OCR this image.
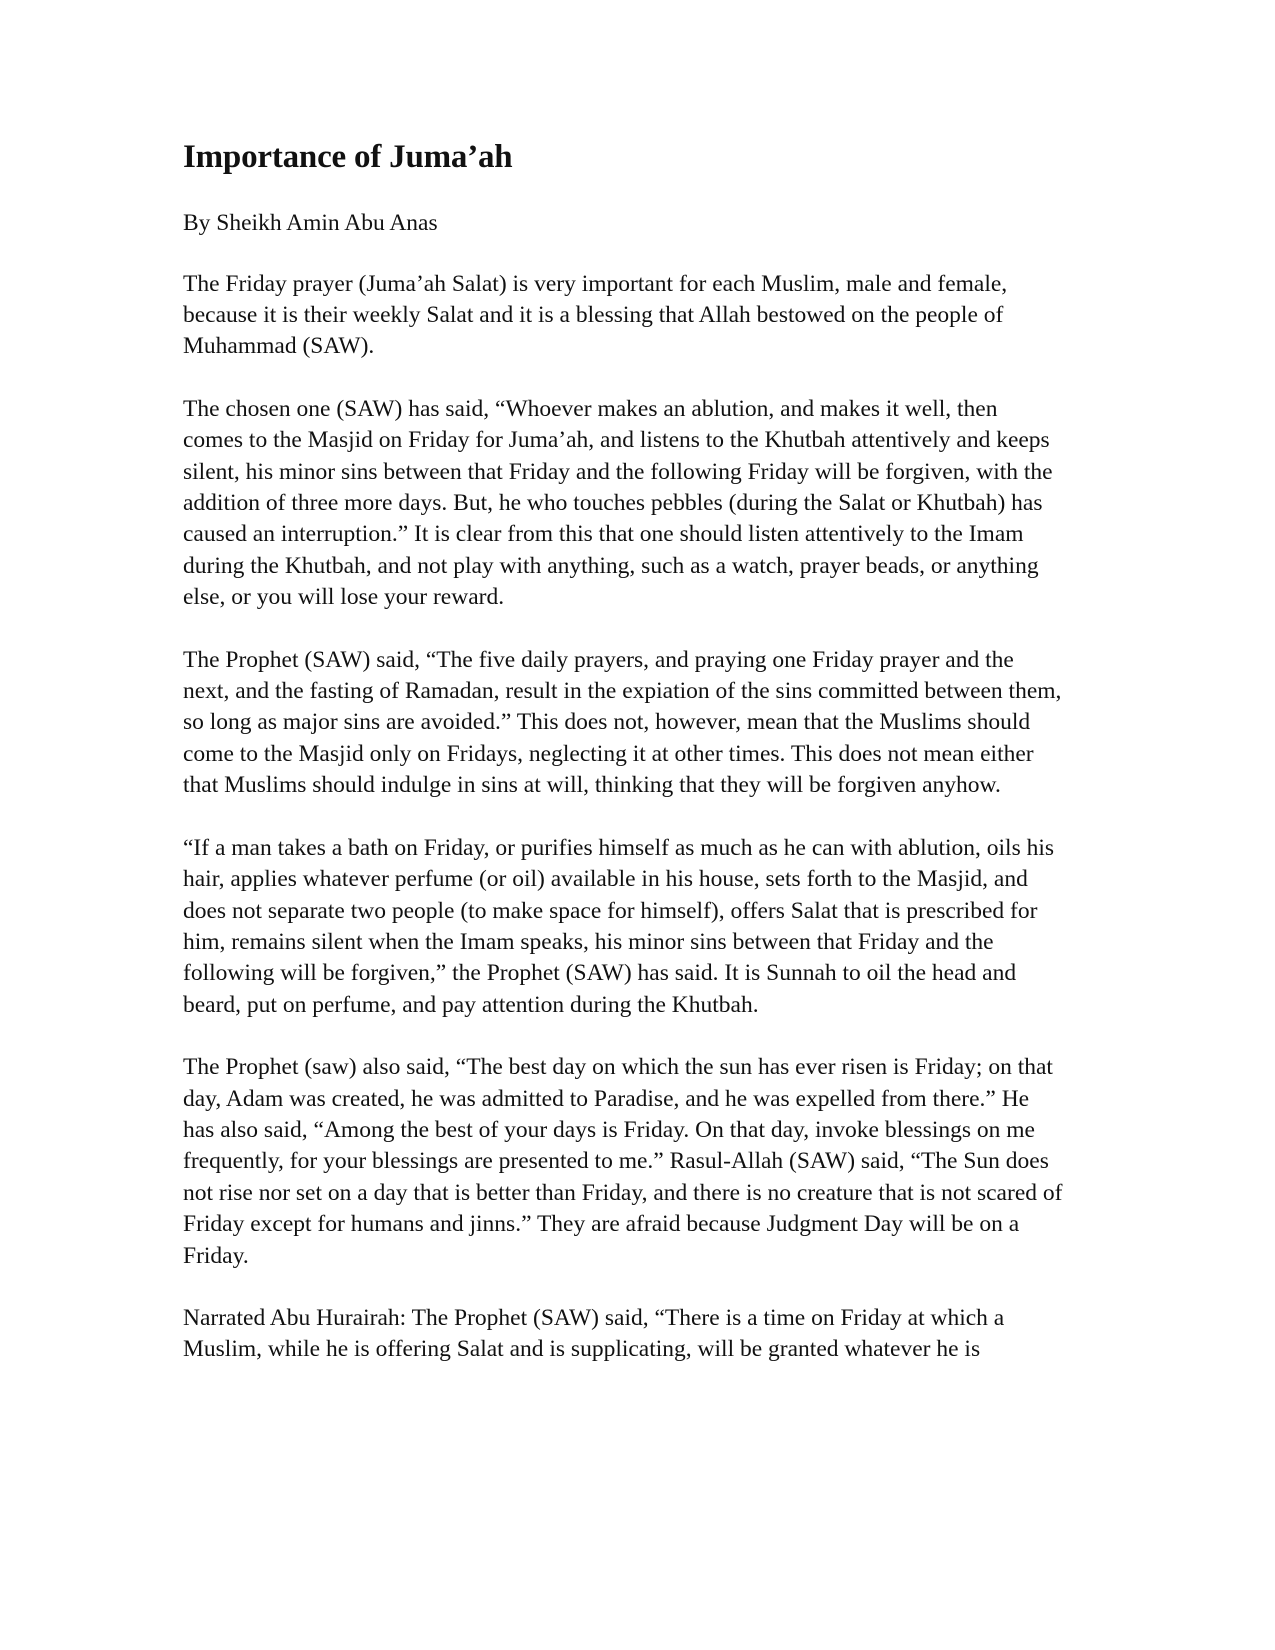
Importance of Juma’ah

By Sheikh Amin Abu Anas

The Friday prayer (Juma’ah Salat) is very important for each Muslim, male and female, because it is their weekly Salat and it is a blessing that Allah bestowed on the people of Muhammad (SAW).

The chosen one (SAW) has said, “Whoever makes an ablution, and makes it well, then comes to the Masjid on Friday for Juma’ah, and listens to the Khutbah attentively and keeps silent, his minor sins between that Friday and the following Friday will be forgiven, with the addition of three more days. But, he who touches pebbles (during the Salat or Khutbah) has caused an interruption.” It is clear from this that one should listen attentively to the Imam during the Khutbah, and not play with anything, such as a watch, prayer beads, or anything else, or you will lose your reward.

The Prophet (SAW) said, “The five daily prayers, and praying one Friday prayer and the next, and the fasting of Ramadan, result in the expiation of the sins committed between them, so long as major sins are avoided.” This does not, however, mean that the Muslims should come to the Masjid only on Fridays, neglecting it at other times. This does not mean either that Muslims should indulge in sins at will, thinking that they will be forgiven anyhow.

“If a man takes a bath on Friday, or purifies himself as much as he can with ablution, oils his hair, applies whatever perfume (or oil) available in his house, sets forth to the Masjid, and does not separate two people (to make space for himself), offers Salat that is prescribed for him, remains silent when the Imam speaks, his minor sins between that Friday and the following will be forgiven,” the Prophet (SAW) has said. It is Sunnah to oil the head and beard, put on perfume, and pay attention during the Khutbah.

The Prophet (saw) also said, “The best day on which the sun has ever risen is Friday; on that day, Adam was created, he was admitted to Paradise, and he was expelled from there.” He has also said, “Among the best of your days is Friday. On that day, invoke blessings on me frequently, for your blessings are presented to me.” Rasul-Allah (SAW) said, “The Sun does not rise nor set on a day that is better than Friday, and there is no creature that is not scared of Friday except for humans and jinns.” They are afraid because Judgment Day will be on a Friday.

Narrated Abu Hurairah: The Prophet (SAW) said, “There is a time on Friday at which a Muslim, while he is offering Salat and is supplicating, will be granted whatever he is
